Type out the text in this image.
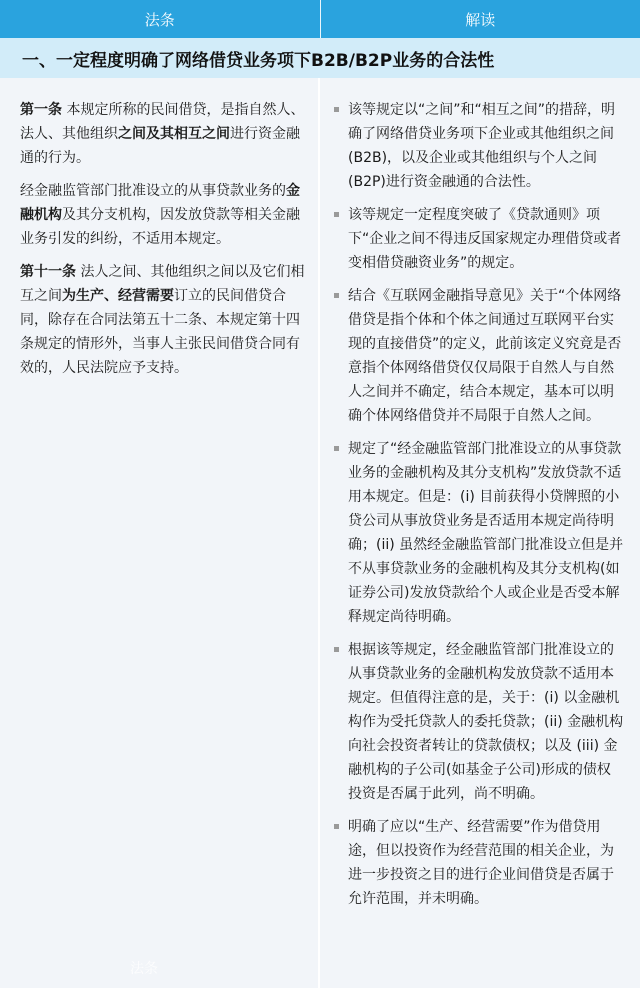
法条	解读
一、一定程度明确了网络借贷业务项下B2B/B2P业务的合法性

第一条 本规定所称的民间借贷，是指自然人、法人、其他组织之间及其相互之间进行资金融通的行为。

经金融监管部门批准设立的从事贷款业务的金融机构及其分支机构，因发放贷款等相关金融业务引发的纠纷，不适用本规定。

第十一条 法人之间、其他组织之间以及它们相互之间为生产、经营需要订立的民间借贷合同，除存在合同法第五十二条、本规定第十四条规定的情形外，当事人主张民间借贷合同有效的，人民法院应予支持。

该等规定以“之间”和“相互之间”的措辞，明确了网络借贷业务项下企业或其他组织之间(B2B)，以及企业或其他组织与个人之间(B2P)进行资金融通的合法性。
该等规定一定程度突破了《贷款通则》项下“企业之间不得违反国家规定办理借贷或者变相借贷融资业务”的规定。
结合《互联网金融指导意见》关于“个体网络借贷是指个体和个体之间通过互联网平台实现的直接借贷”的定义，此前该定义究竟是否意指个体网络借贷仅仅局限于自然人与自然人之间并不确定，结合本规定，基本可以明确个体网络借贷并不局限于自然人之间。
规定了“经金融监管部门批准设立的从事贷款业务的金融机构及其分支机构”发放贷款不适用本规定。但是：(i) 目前获得小贷牌照的小贷公司从事放贷业务是否适用本规定尚待明确；(ii) 虽然经金融监管部门批准设立但是并不从事贷款业务的金融机构及其分支机构(如证券公司)发放贷款给个人或企业是否受本解释规定尚待明确。
根据该等规定，经金融监管部门批准设立的从事贷款业务的金融机构发放贷款不适用本规定。但值得注意的是，关于：(i) 以金融机构作为受托贷款人的委托贷款；(ii) 金融机构向社会投资者转让的贷款债权；以及 (iii) 金融机构的子公司(如基金子公司)形成的债权投资是否属于此列，尚不明确。
明确了应以“生产、经营需要”作为借贷用途，但以投资作为经营范围的相关企业，为进一步投资之目的进行企业间借贷是否属于允许范围，并未明确。
法条
